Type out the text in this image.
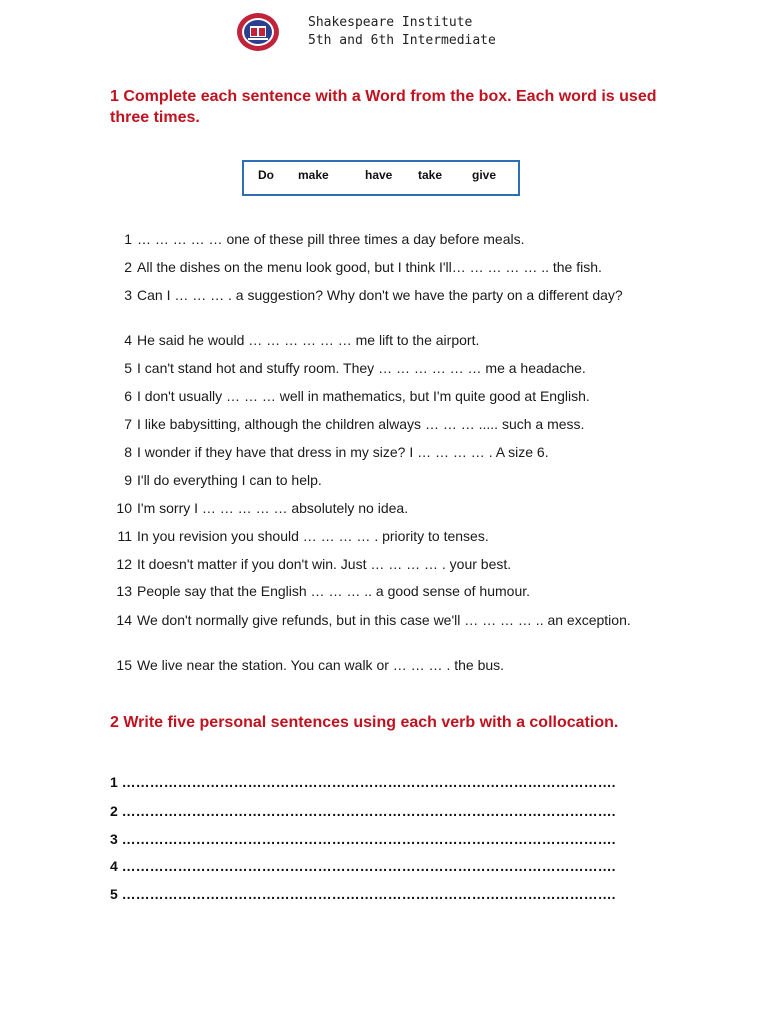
Shakespeare Institute
5th and 6th Intermediate
1 Complete each sentence with a Word from the box. Each word is used three times.
Do make	have take give
1 … … … … … one of these pill three times a day before meals.
2 All the dishes on the menu look good, but I think I'll… … … … … .. the fish.
3 Can I … … … . a suggestion? Why don't we have the party on a different day?
4 He said he would … … … … … … me lift to the airport.
5 I can't stand hot and stuffy room. They … … … … … … me a headache.
6 I don't usually … … … well in mathematics, but I'm quite good at English.
7 I like babysitting, although the children always … … … ..... such a mess.
8 I wonder if they have that dress in my size? I … … … … . A size 6.
9 I'll do everything I can to help.
10 I'm sorry I … … … … … absolutely no idea.
11 In you revision you should … … … … . priority to tenses.
12 It doesn't matter if you don't win. Just … … … … . your best.
13 People say that the English … … … .. a good sense of humour.
14 We don't normally give refunds, but in this case we'll … … … … .. an exception.
15 We live near the station. You can walk or … … … . the bus.
2 Write five personal sentences using each verb with a collocation.
1 …………………………………………………………………………………………….
2 …………………………………………………………………………………………….
3 …………………………………………………………………………………………….
4 …………………………………………………………………………………………….
5 …………………………………………………………………………………………….
